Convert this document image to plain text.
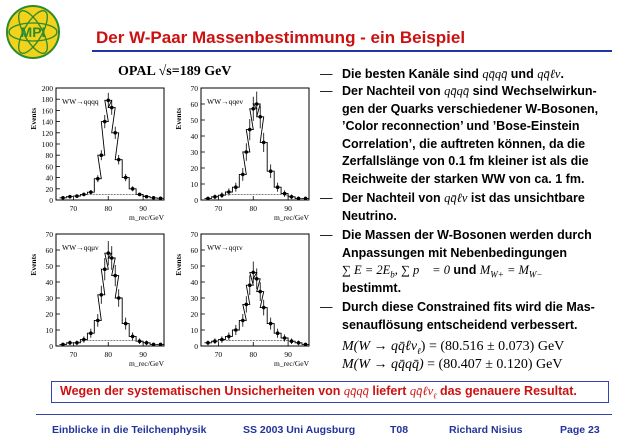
MPI	Der W-Paar Massenbestimmung - ein Beispiel
OPAL √s=189 GeV
0
20
40
60
80
100
120
140
160
180
200
70	80	90
WW→qqqq
Events
m_rec/GeV
0
10
20
30
40
50
60
70
70	80	90
WW→qqeν
Events
m_rec/GeV
0
10
20
30
40
50
60
70
70	80	90
WW→qqμν
Events
m_rec/GeV
0
10
20
30
40
50
60
70
70	80	90
WW→qqτν
Events
m_rec/GeV
— Die besten Kanäle sind qq̄qq̄ und qq̄ℓν.
— Der Nachteil von qq̄qq̄ sind Wechselwirkun-
gen der Quarks verschiedener W-Bosonen,
’Color reconnection’ und ’Bose-Einstein
Correlation’, die auftreten können, da die
Zerfallslänge von 0.1 fm kleiner ist als die
Reichweite der starken WW von ca. 1 fm.
— Der Nachteil von qq̄ℓν ist das unsichtbare
Neutrino.
— Die Massen der W-Bosonen werden durch
Anpassungen mit Nebenbedingungen
∑ $E = 2E_b$, ∑ p⃗ = 0 und $M_{W+} = M_{W-}$
bestimmt.
— Durch diese Constrained fits wird die Mas-
senauflösung entscheidend verbessert.
M(W → qq̄ℓν$_\ell$) = (80.516 ± 0.073) GeV
M(W → qq̄qq̄) = (80.407 ± 0.120) GeV
Wegen der systematischen Unsicherheiten von qq̄qq̄ liefert qq̄ℓν$_\ell$ das genauere Resultat.
Einblicke in die Teilchenphysik	SS 2003 Uni Augsburg	T08	Richard Nisius	Page 23
